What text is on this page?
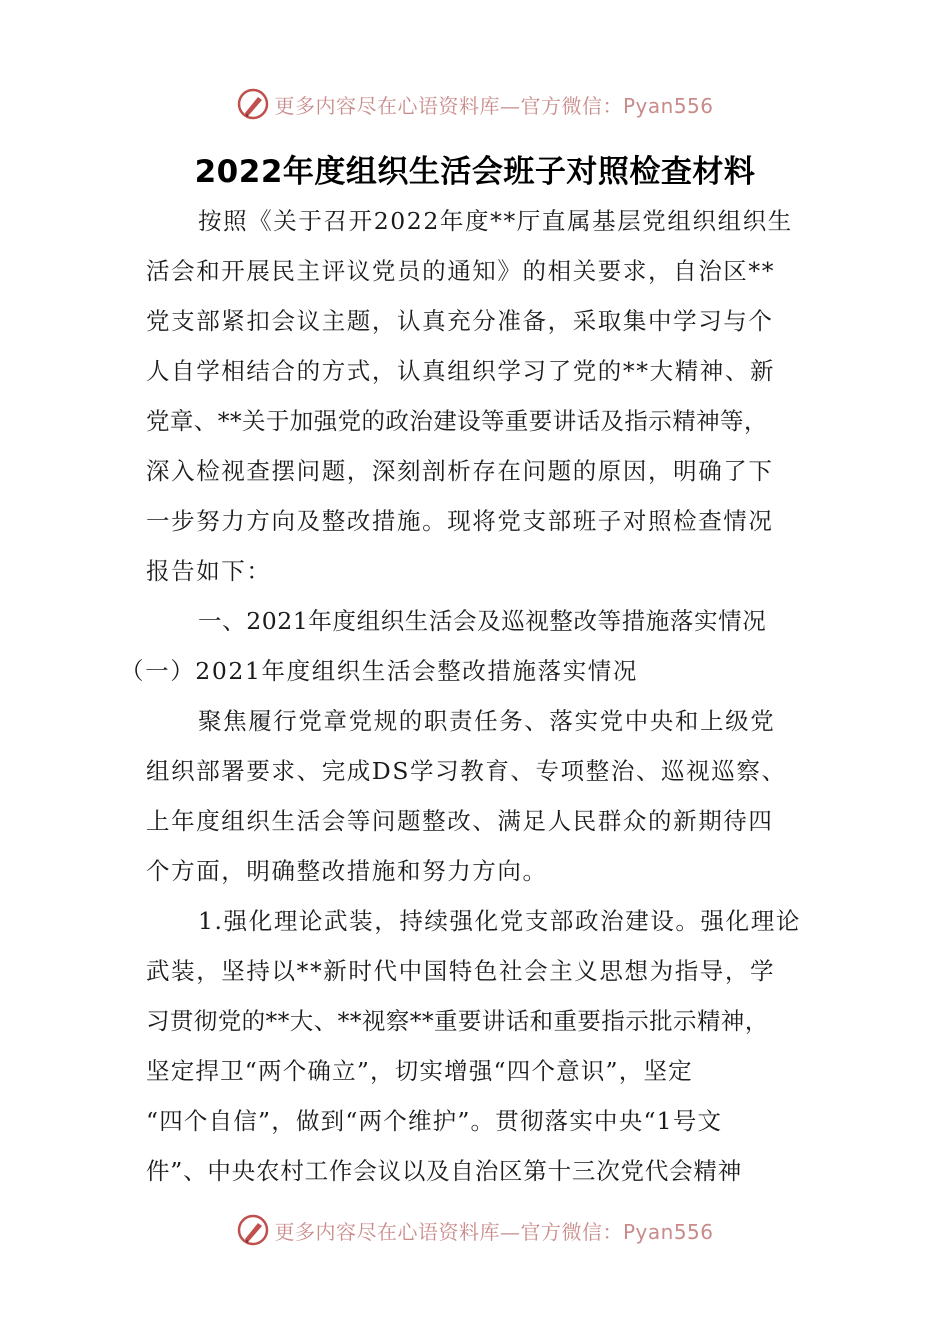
更多内容尽在心语资料库—官方微信：Pyan556
2022年度组织生活会班子对照检查材料

按照《关于召开2022年度**厅直属基层党组织组织生
活会和开展民主评议党员的通知》的相关要求，自治区**
党支部紧扣会议主题，认真充分准备，采取集中学习与个
人自学相结合的方式，认真组织学习了党的**大精神、新
党章、**关于加强党的政治建设等重要讲话及指示精神等，
深入检视查摆问题，深刻剖析存在问题的原因，明确了下
一步努力方向及整改措施。现将党支部班子对照检查情况
报告如下：

一、2021年度组织生活会及巡视整改等措施落实情况

（一）2021年度组织生活会整改措施落实情况

聚焦履行党章党规的职责任务、落实党中央和上级党
组织部署要求、完成DS学习教育、专项整治、巡视巡察、
上年度组织生活会等问题整改、满足人民群众的新期待四
个方面，明确整改措施和努力方向。

1.强化理论武装，持续强化党支部政治建设。强化理论
武装，坚持以**新时代中国特色社会主义思想为指导，学
习贯彻党的**大、**视察**重要讲话和重要指示批示精神，
坚定捍卫“两个确立”，切实增强“四个意识”，坚定
“四个自信”，做到“两个维护”。贯彻落实中央“1号文
件”、中央农村工作会议以及自治区第十三次党代会精神

更多内容尽在心语资料库—官方微信：Pyan556
